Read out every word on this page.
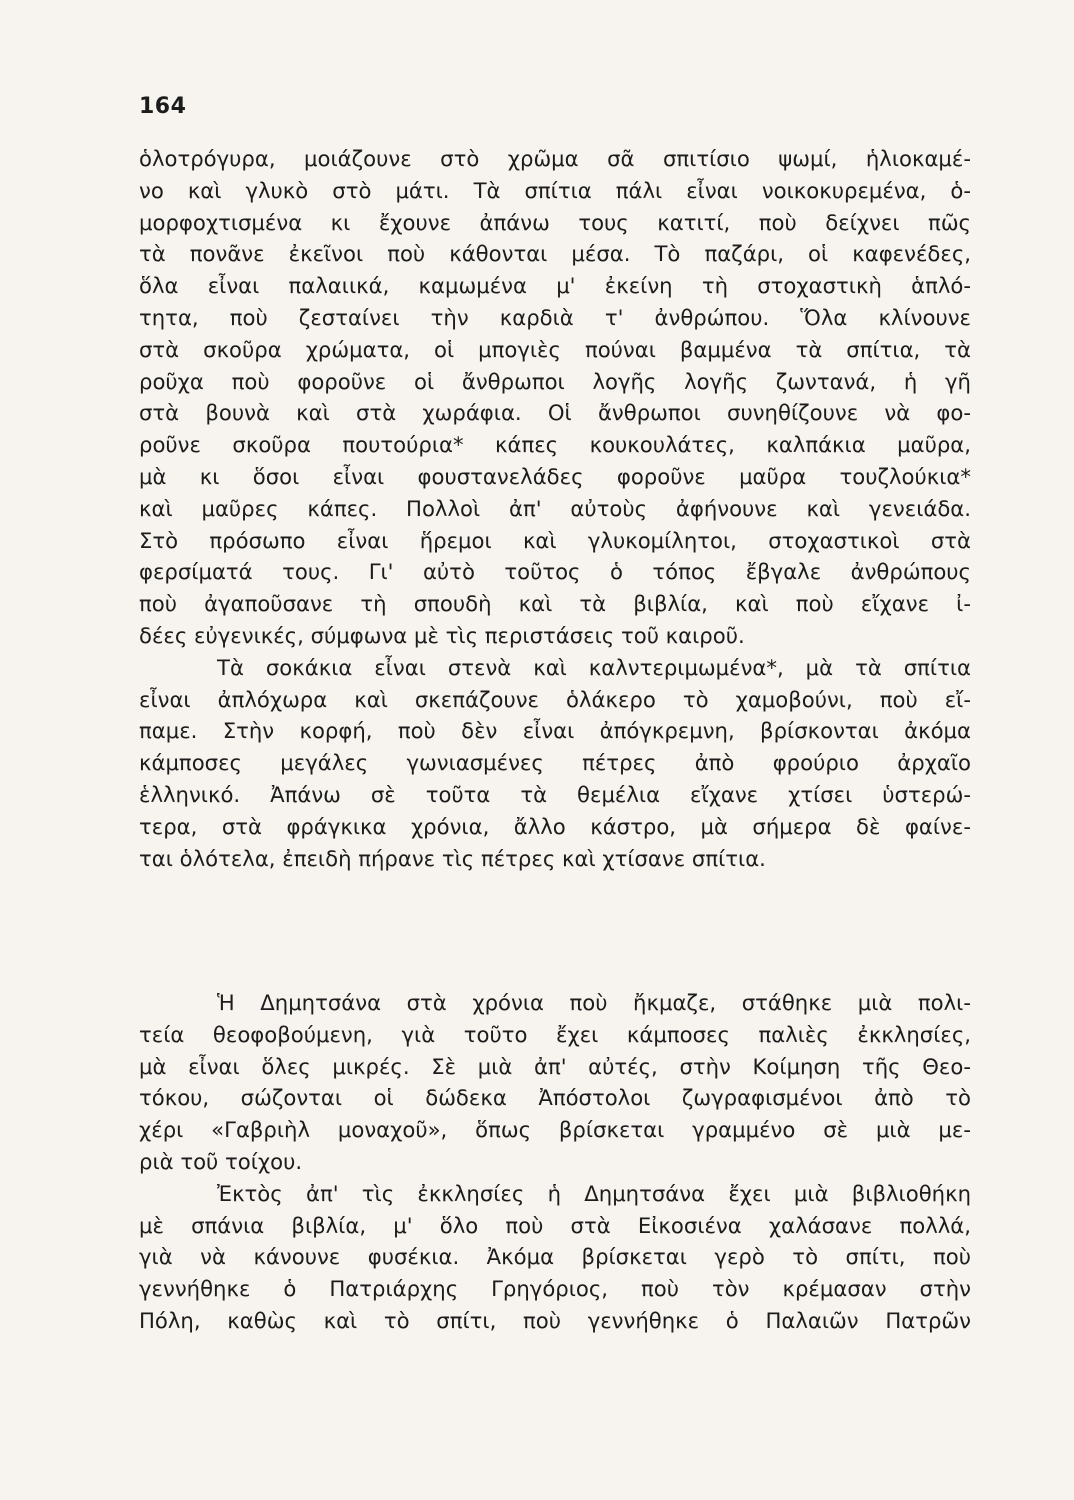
164
ὁλοτρόγυρα, μοιάζουνε στὸ χρῶμα σᾶ σπιτίσιο ψωμί, ἡλιοκαμέ-
νο καὶ γλυκὸ στὸ μάτι. Τὰ σπίτια πάλι εἶναι νοικοκυρεμένα, ὁ-
μορφοχτισμένα κι ἔχουνε ἀπάνω τους κατιτί, ποὺ δείχνει πῶς
τὰ πονᾶνε ἐκεῖνοι ποὺ κάθονται μέσα. Τὸ παζάρι, οἱ καφενέδες,
ὅλα εἶναι παλαιικά, καμωμένα μ' ἐκείνη τὴ στοχαστικὴ ἁπλό-
τητα, ποὺ ζεσταίνει τὴν καρδιὰ τ' ἀνθρώπου. Ὅλα κλίνουνε
στὰ σκοῦρα χρώματα, οἱ μπογιὲς πούναι βαμμένα τὰ σπίτια, τὰ
ροῦχα ποὺ φοροῦνε οἱ ἄνθρωποι λογῆς λογῆς ζωντανά, ἡ γῆ
στὰ βουνὰ καὶ στὰ χωράφια. Οἱ ἄνθρωποι συνηθίζουνε νὰ φο-
ροῦνε σκοῦρα πουτούρια* κάπες κουκουλάτες, καλπάκια μαῦρα,
μὰ κι ὅσοι εἶναι φουστανελάδες φοροῦνε μαῦρα τουζλούκια*
καὶ μαῦρες κάπες. Πολλοὶ ἀπ' αὐτοὺς ἀφήνουνε καὶ γενειάδα.
Στὸ πρόσωπο εἶναι ἥρεμοι καὶ γλυκομίλητοι, στοχαστικοὶ στὰ
φερσίματά τους. Γι' αὐτὸ τοῦτος ὁ τόπος ἔβγαλε ἀνθρώπους
ποὺ ἀγαποῦσανε τὴ σπουδὴ καὶ τὰ βιβλία, καὶ ποὺ εἴχανε ἰ-
δέες εὐγενικές, σύμφωνα μὲ τὶς περιστάσεις τοῦ καιροῦ.
Τὰ σοκάκια εἶναι στενὰ καὶ καλντεριμωμένα*, μὰ τὰ σπίτια
εἶναι ἀπλόχωρα καὶ σκεπάζουνε ὁλάκερο τὸ χαμοβούνι, ποὺ εἴ-
παμε. Στὴν κορφή, ποὺ δὲν εἶναι ἀπόγκρεμνη, βρίσκονται ἀκόμα
κάμποσες μεγάλες γωνιασμένες πέτρες ἀπὸ φρούριο ἀρχαῖο
ἑλληνικό. Ἀπάνω σὲ τοῦτα τὰ θεμέλια εἴχανε χτίσει ὑστερώ-
τερα, στὰ φράγκικα χρόνια, ἄλλο κάστρο, μὰ σήμερα δὲ φαίνε-
ται ὁλότελα, ἐπειδὴ πήρανε τὶς πέτρες καὶ χτίσανε σπίτια.
Ἡ Δημητσάνα στὰ χρόνια ποὺ ἤκμαζε, στάθηκε μιὰ πολι-
τεία θεοφοβούμενη, γιὰ τοῦτο ἔχει κάμποσες παλιὲς ἐκκλησίες,
μὰ εἶναι ὅλες μικρές. Σὲ μιὰ ἀπ' αὐτές, στὴν Κοίμηση τῆς Θεο-
τόκου, σώζονται οἱ δώδεκα Ἀπόστολοι ζωγραφισμένοι ἀπὸ τὸ
χέρι «Γαβριὴλ μοναχοῦ», ὅπως βρίσκεται γραμμένο σὲ μιὰ με-
ριὰ τοῦ τοίχου.
Ἐκτὸς ἀπ' τὶς ἐκκλησίες ἡ Δημητσάνα ἔχει μιὰ βιβλιοθήκη
μὲ σπάνια βιβλία, μ' ὅλο ποὺ στὰ Εἰκοσιένα χαλάσανε πολλά,
γιὰ νὰ κάνουνε φυσέκια. Ἀκόμα βρίσκεται γερὸ τὸ σπίτι, ποὺ
γεννήθηκε ὁ Πατριάρχης Γρηγόριος, ποὺ τὸν κρέμασαν στὴν
Πόλη, καθὼς καὶ τὸ σπίτι, ποὺ γεννήθηκε ὁ Παλαιῶν Πατρῶν
